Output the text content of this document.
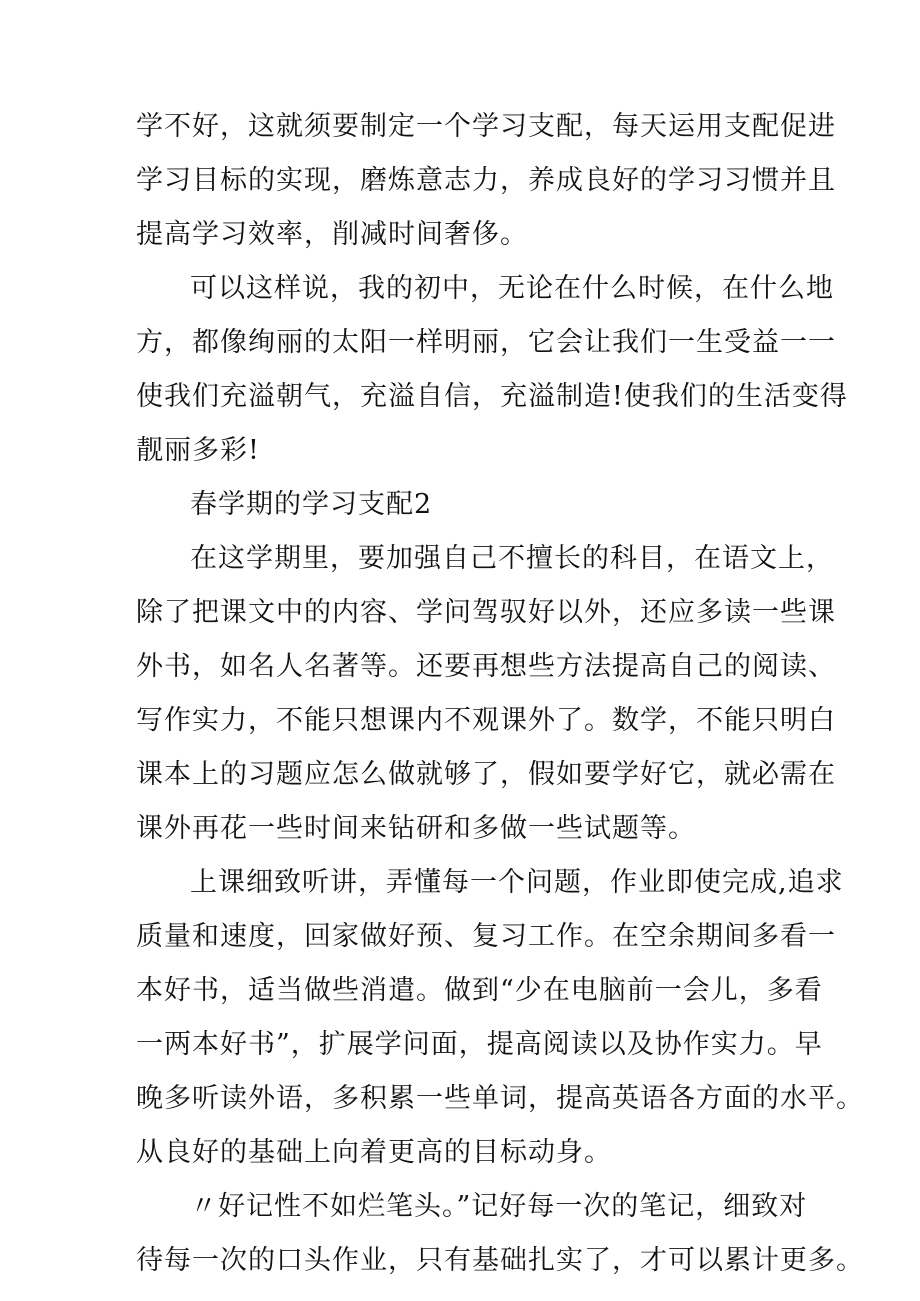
学不好，这就须要制定一个学习支配，每天运用支配促进
学习目标的实现，磨炼意志力，养成良好的学习习惯并且
提高学习效率，削减时间奢侈。
可以这样说，我的初中，无论在什么时候，在什么地
方，都像绚丽的太阳一样明丽，它会让我们一生受益一一
使我们充溢朝气，充溢自信，充溢制造!使我们的生活变得
靓丽多彩!
春学期的学习支配2
在这学期里，要加强自己不擅长的科目，在语文上，
除了把课文中的内容、学问驾驭好以外，还应多读一些课
外书，如名人名著等。还要再想些方法提高自己的阅读、
写作实力，不能只想课内不观课外了。数学，不能只明白
课本上的习题应怎么做就够了，假如要学好它，就必需在
课外再花一些时间来钻研和多做一些试题等。
上课细致听讲，弄懂每一个问题，作业即使完成,追求
质量和速度，回家做好预、复习工作。在空余期间多看一
本好书，适当做些消遣。做到“少在电脑前一会儿，多看
一两本好书”，扩展学问面，提高阅读以及协作实力。早
晚多听读外语，多积累一些单词，提高英语各方面的水平。
从良好的基础上向着更高的目标动身。
〃好记性不如烂笔头。”记好每一次的笔记，细致对
待每一次的口头作业，只有基础扎实了，才可以累计更多。
